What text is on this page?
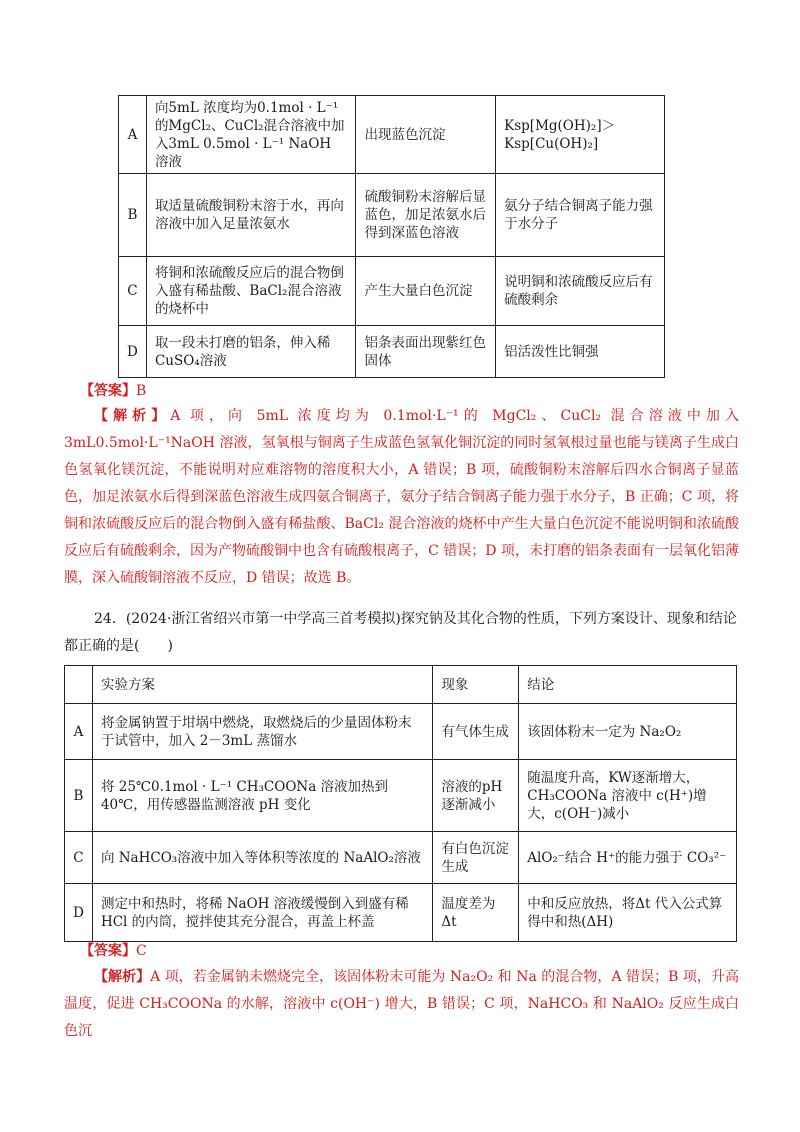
A	向5mL 浓度均为0.1mol · L⁻¹的MgCl₂、CuCl₂混合溶液中加入3mL 0.5mol · L⁻¹ NaOH 溶液	出现蓝色沉淀	Ksp[Mg(OH)₂]＞Ksp[Cu(OH)₂]
B	取适量硫酸铜粉末溶于水，再向溶液中加入足量浓氨水	硫酸铜粉末溶解后显蓝色，加足浓氨水后得到深蓝色溶液	氨分子结合铜离子能力强于水分子
C	将铜和浓硫酸反应后的混合物倒入盛有稀盐酸、BaCl₂混合溶液的烧杯中	产生大量白色沉淀	说明铜和浓硫酸反应后有硫酸剩余
D	取一段未打磨的铝条，伸入稀CuSO₄溶液	铝条表面出现紫红色固体	铝活泼性比铜强
【答案】B

【解析】A 项，向 5mL 浓度均为 0.1mol·L⁻¹的 MgCl₂、CuCl₂ 混合溶液中加入 3mL0.5mol·L⁻¹NaOH 溶液，氢氧根与铜离子生成蓝色氢氧化铜沉淀的同时氢氧根过量也能与镁离子生成白色氢氧化镁沉淀，不能说明对应难溶物的溶度积大小，A 错误；B 项，硫酸铜粉末溶解后四水合铜离子显蓝色，加足浓氨水后得到深蓝色溶液生成四氨合铜离子，氨分子结合铜离子能力强于水分子，B 正确；C 项，将铜和浓硫酸反应后的混合物倒入盛有稀盐酸、BaCl₂ 混合溶液的烧杯中产生大量白色沉淀不能说明铜和浓硫酸反应后有硫酸剩余，因为产物硫酸铜中也含有硫酸根离子，C 错误；D 项，未打磨的铝条表面有一层氧化铝薄膜，深入硫酸铜溶液不反应，D 错误；故选 B。

24．(2024·浙江省绍兴市第一中学高三首考模拟)探究钠及其化合物的性质，下列方案设计、现象和结论都正确的是(　　)

	实验方案	现象	结论
A	将金属钠置于坩埚中燃烧，取燃烧后的少量固体粉末于试管中，加入 2－3mL 蒸馏水	有气体生成	该固体粉末一定为 Na₂O₂
B	将 25℃0.1mol · L⁻¹ CH₃COONa 溶液加热到 40℃，用传感器监测溶液 pH 变化	溶液的pH逐渐减小	随温度升高，KW逐渐增大，CH₃COONa 溶液中 c(H⁺)增大，c(OH⁻)减小
C	向 NaHCO₃溶液中加入等体积等浓度的 NaAlO₂溶液	有白色沉淀生成	AlO₂⁻结合 H⁺的能力强于 CO₃²⁻
D	测定中和热时，将稀 NaOH 溶液缓慢倒入到盛有稀 HCl 的内筒，搅拌使其充分混合，再盖上杯盖	温度差为Δt	中和反应放热，将Δt 代入公式算得中和热(ΔH)
【答案】C

【解析】A 项，若金属钠未燃烧完全，该固体粉末可能为 Na₂O₂ 和 Na 的混合物，A 错误；B 项，升高温度，促进 CH₃COONa 的水解，溶液中 c(OH⁻) 增大，B 错误；C 项，NaHCO₃ 和 NaAlO₂ 反应生成白色沉
